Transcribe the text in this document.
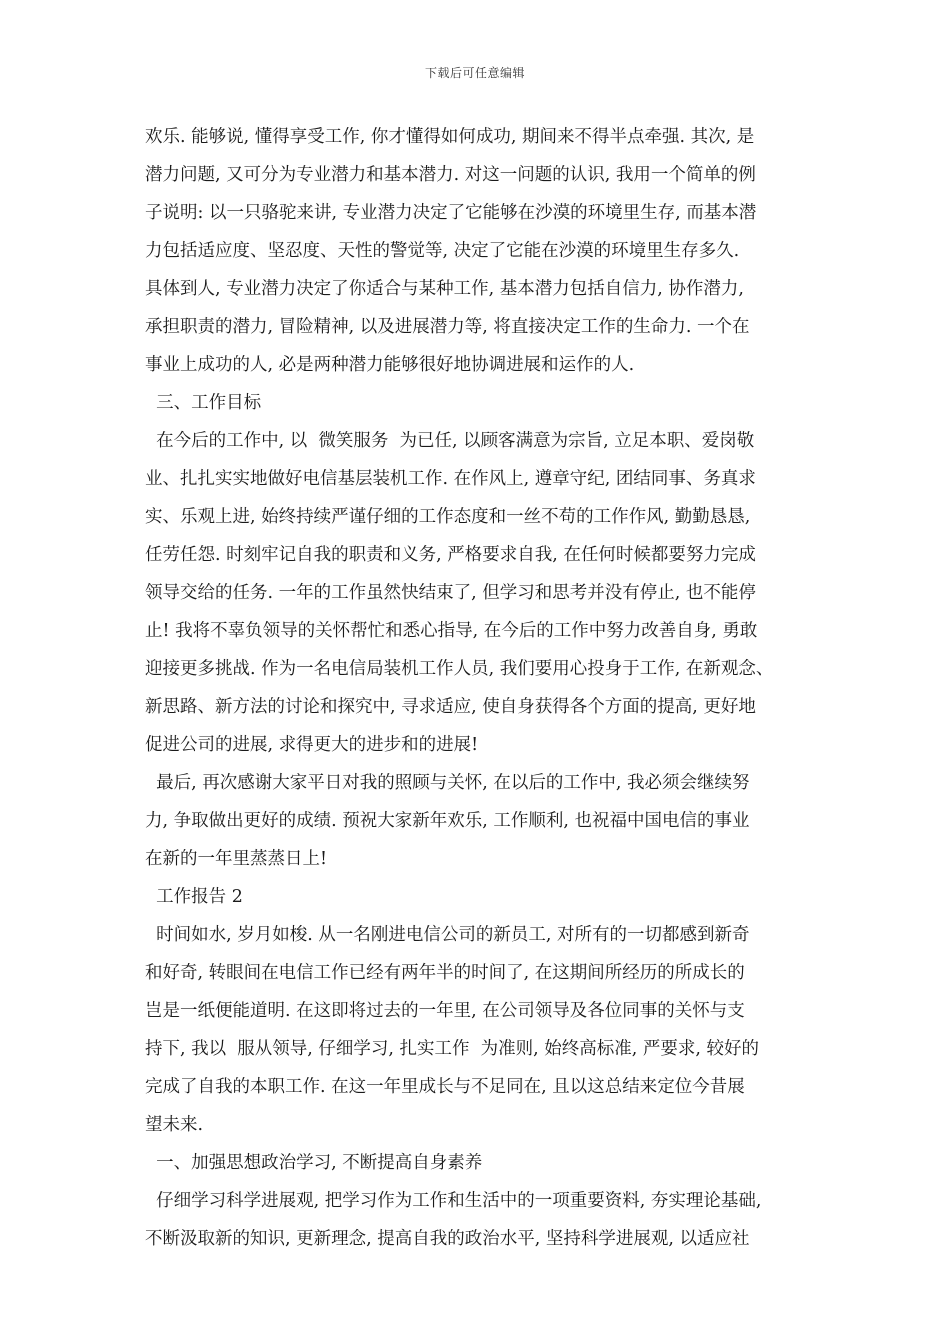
下载后可任意编辑
欢乐. 能够说, 懂得享受工作, 你才懂得如何成功, 期间来不得半点牵强. 其次, 是
潜力问题, 又可分为专业潜力和基本潜力. 对这一问题的认识, 我用一个简单的例
子说明: 以一只骆驼来讲, 专业潜力决定了它能够在沙漠的环境里生存, 而基本潜
力包括适应度、坚忍度、天性的警觉等, 决定了它能在沙漠的环境里生存多久.
具体到人, 专业潜力决定了你适合与某种工作, 基本潜力包括自信力, 协作潜力,
承担职责的潜力, 冒险精神, 以及进展潜力等, 将直接决定工作的生命力. 一个在
事业上成功的人, 必是两种潜力能够很好地协调进展和运作的人.
三、工作目标
在今后的工作中, 以  微笑服务  为已任, 以顾客满意为宗旨, 立足本职、爱岗敬
业、扎扎实实地做好电信基层装机工作. 在作风上, 遵章守纪, 团结同事、务真求
实、乐观上进, 始终持续严谨仔细的工作态度和一丝不苟的工作作风, 勤勤恳恳,
任劳任怨. 时刻牢记自我的职责和义务, 严格要求自我, 在任何时候都要努力完成
领导交给的任务. 一年的工作虽然快结束了, 但学习和思考并没有停止, 也不能停
止! 我将不辜负领导的关怀帮忙和悉心指导, 在今后的工作中努力改善自身, 勇敢
迎接更多挑战. 作为一名电信局装机工作人员, 我们要用心投身于工作, 在新观念、
新思路、新方法的讨论和探究中, 寻求适应, 使自身获得各个方面的提高, 更好地
促进公司的进展, 求得更大的进步和的进展!
最后, 再次感谢大家平日对我的照顾与关怀, 在以后的工作中, 我必须会继续努
力, 争取做出更好的成绩. 预祝大家新年欢乐, 工作顺利, 也祝福中国电信的事业
在新的一年里蒸蒸日上!
工作报告 2
时间如水, 岁月如梭. 从一名刚进电信公司的新员工, 对所有的一切都感到新奇
和好奇, 转眼间在电信工作已经有两年半的时间了, 在这期间所经历的所成长的
岂是一纸便能道明. 在这即将过去的一年里, 在公司领导及各位同事的关怀与支
持下, 我以  服从领导, 仔细学习, 扎实工作  为准则, 始终高标准, 严要求, 较好的
完成了自我的本职工作. 在这一年里成长与不足同在, 且以这总结来定位今昔展
望未来.
一、加强思想政治学习, 不断提高自身素养
仔细学习科学进展观, 把学习作为工作和生活中的一项重要资料, 夯实理论基础,
不断汲取新的知识, 更新理念, 提高自我的政治水平, 坚持科学进展观, 以适应社
